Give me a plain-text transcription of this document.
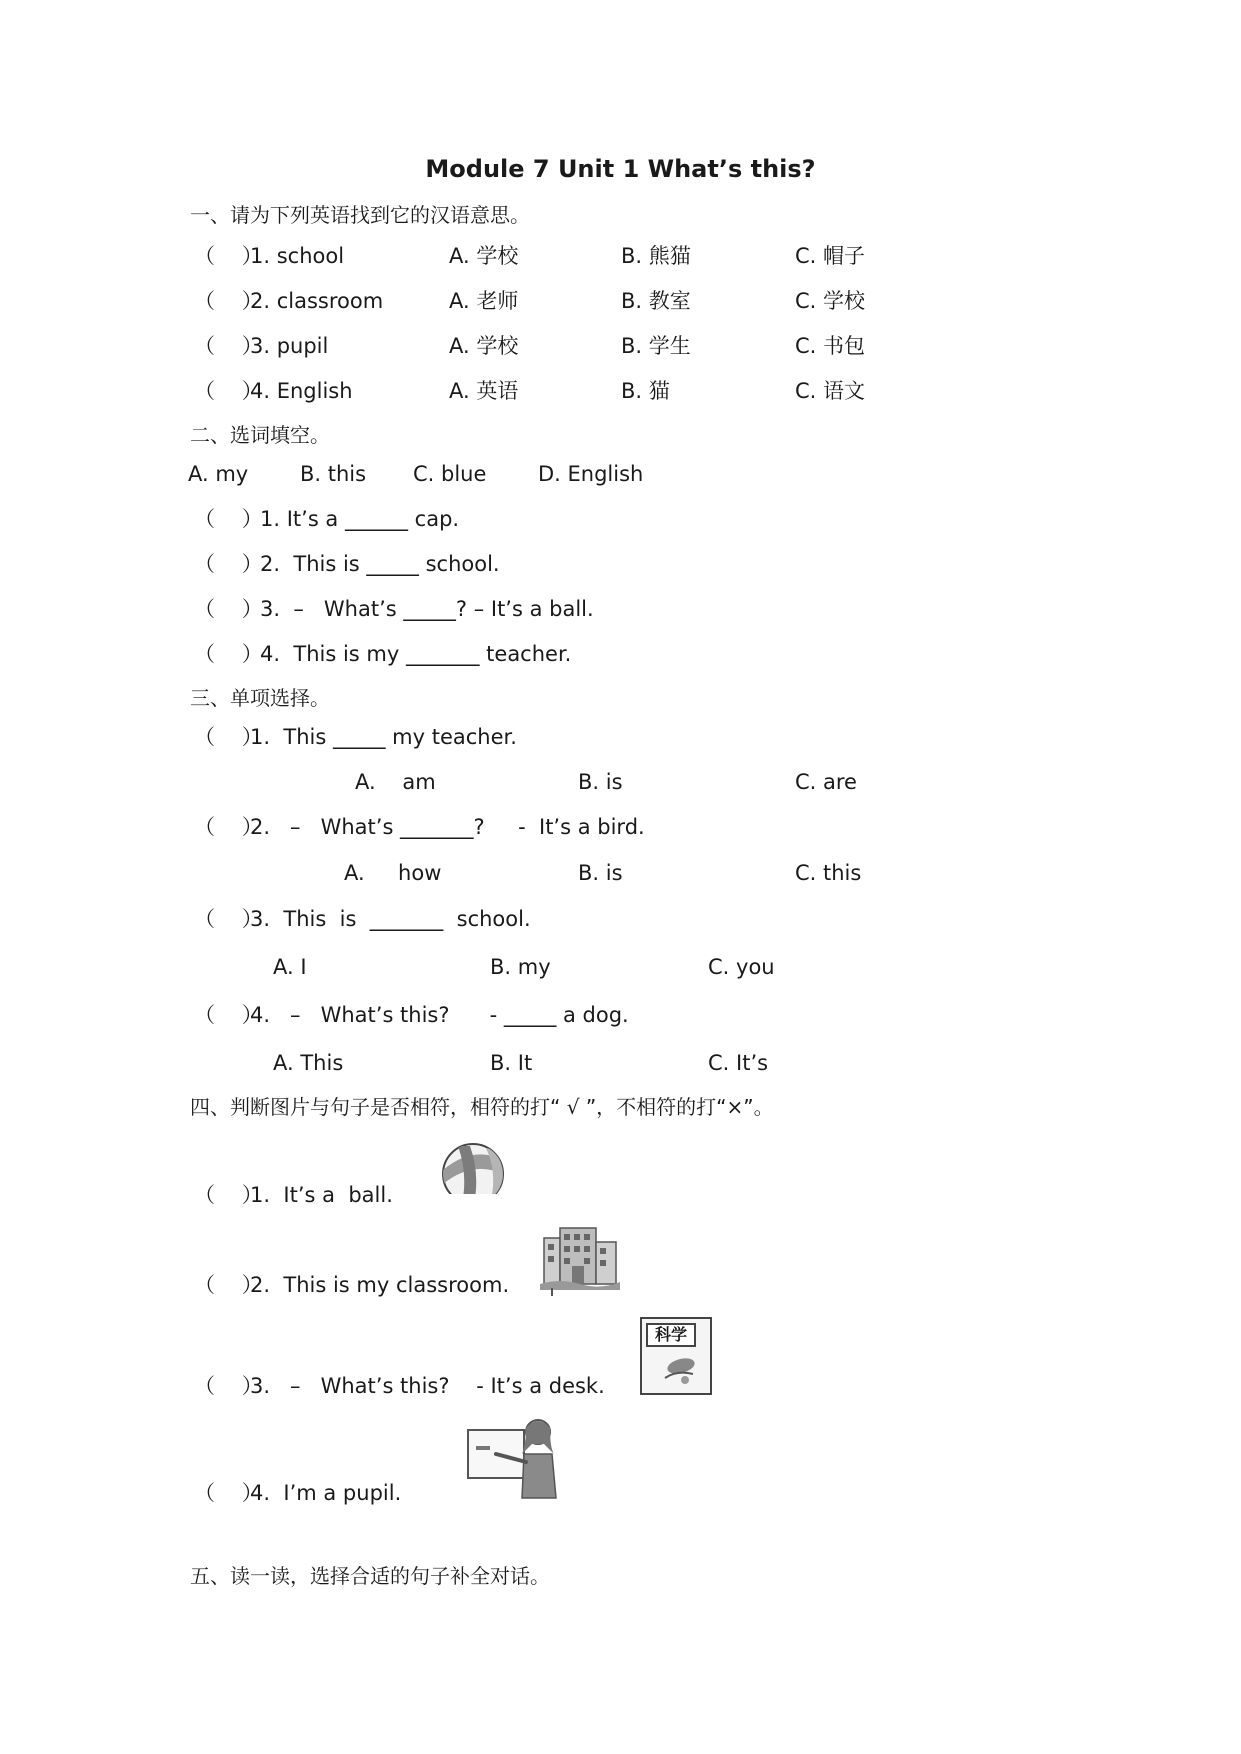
Module 7 Unit 1 What’s this?
一、请为下列英语找到它的汉语意思。
（    ）
1. school	A. 学校	B. 熊猫	C. 帽子
（    ）
2. classroom	A. 老师	B. 教室	C. 学校
（    ）
3. pupil	A. 学校	B. 学生	C. 书包
（    ）
4. English	A. 英语	B. 猫	C. 语文
二、选词填空。
A. my B. this C. blue D. English
（    ）
1. It’s a ______ cap.
（    ）
2.  This is _____ school.
（    ）
3.  –   What’s _____? – It’s a ball.
（    ）
4.  This is my _______ teacher.
三、单项选择。
（    ）
1.  This _____ my teacher.
A.    am	B. is	C. are
（    ）
2.   –   What’s _______?     -  It’s a bird.
A.     how	B. is	C. this
（    ）
3.  This  is  _______  school.
A. I	B. my	C. you
（    ）
4.   –   What’s this?      - _____ a dog.
A. This	B. It	C. It’s
四、判断图片与句子是否相符，相符的打“ √ ”，不相符的打“×”。
（    ）
1.  It’s a  ball.
（    ）
2.  This is my classroom.
（    ）
3.   –   What’s this?    - It’s a desk.
科学
（    ）
4.  I’m a pupil.
五、读一读，选择合适的句子补全对话。
